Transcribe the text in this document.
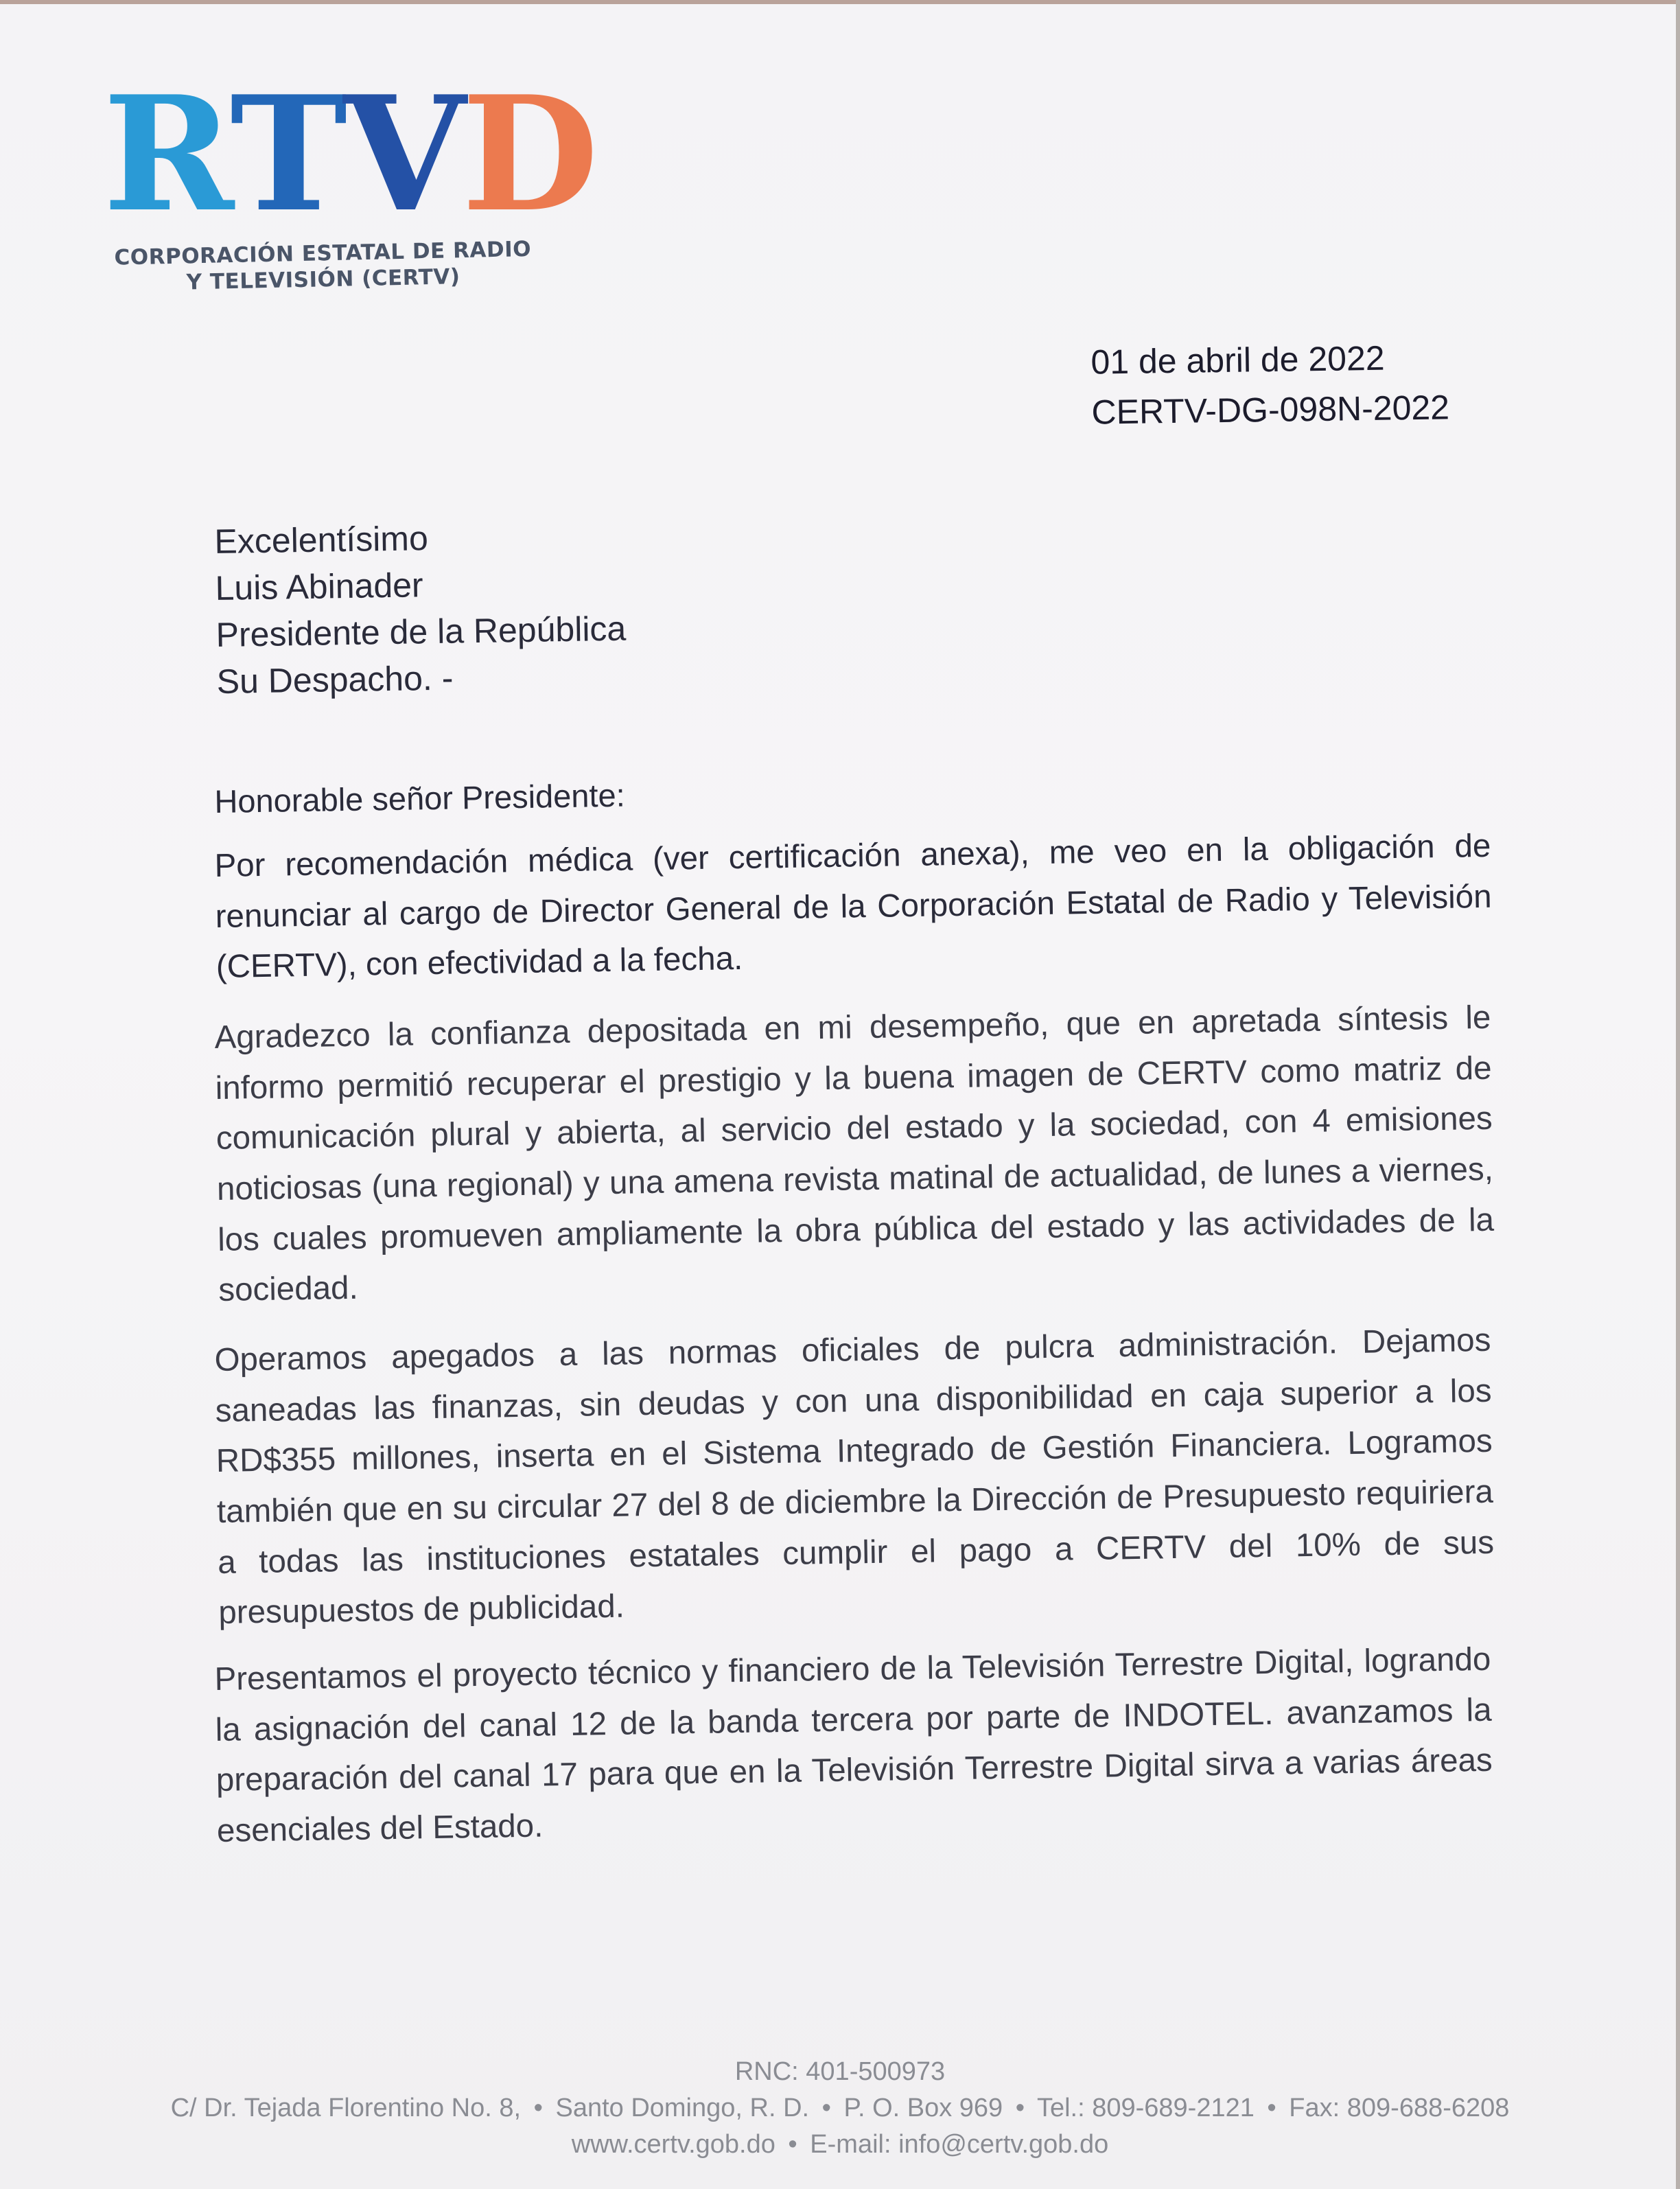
R T V D
CORPORACIÓN ESTATAL DE RADIO
Y TELEVISIÓN (CERTV)
01 de abril de 2022
CERTV-DG-098N-2022
Excelentísimo
Luis Abinader
Presidente de la República
Su Despacho. -
Honorable señor Presidente:

Por recomendación médica (ver certificación anexa), me veo en la obligación de renunciar al cargo de Director General de la Corporación Estatal de Radio y Televisión (CERTV), con efectividad a la fecha.

Agradezco la confianza depositada en mi desempeño, que en apretada síntesis le informo permitió recuperar el prestigio y la buena imagen de CERTV como matriz de comunicación plural y abierta, al servicio del estado y la sociedad, con 4 emisiones noticiosas (una regional) y una amena revista matinal de actualidad, de lunes a viernes, los cuales promueven ampliamente la obra pública del estado y las actividades de la sociedad.

Operamos apegados a las normas oficiales de pulcra administración. Dejamos saneadas las finanzas, sin deudas y con una disponibilidad en caja superior a los RD$355 millones, inserta en el Sistema Integrado de Gestión Financiera. Logramos también que en su circular 27 del 8 de diciembre la Dirección de Presupuesto requiriera a todas las instituciones estatales cumplir el pago a CERTV del 10% de sus presupuestos de publicidad.

Presentamos el proyecto técnico y financiero de la Televisión Terrestre Digital, logrando la asignación del canal 12 de la banda tercera por parte de INDOTEL. avanzamos la preparación del canal 17 para que en la Televisión Terrestre Digital sirva a varias áreas esenciales del Estado.

RNC: 401-500973
C/ Dr. Tejada Florentino No. 8, • Santo Domingo, R. D. • P. O. Box 969 • Tel.: 809-689-2121 • Fax: 809-688-6208
www.certv.gob.do • E-mail: info@certv.gob.do
